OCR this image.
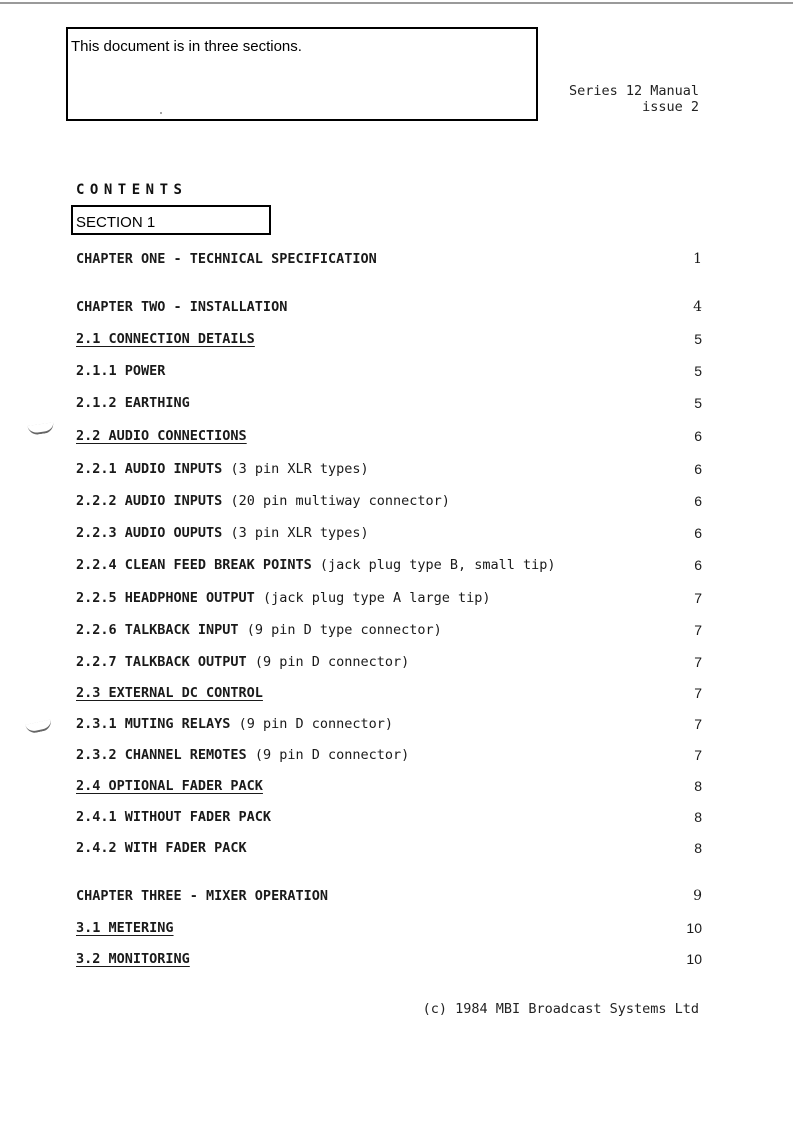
This document is in three sections.
Series 12 Manual
issue 2
CONTENTS
SECTION 1
CHAPTER ONE - TECHNICAL SPECIFICATION	1
CHAPTER TWO - INSTALLATION	4
2.1 CONNECTION DETAILS	5
2.1.1 POWER	5
2.1.2 EARTHING	5
2.2 AUDIO CONNECTIONS	6
2.2.1 AUDIO INPUTS (3 pin XLR types)	6
2.2.2 AUDIO INPUTS (20 pin multiway connector)	6
2.2.3 AUDIO OUPUTS (3 pin XLR types)	6
2.2.4 CLEAN FEED BREAK POINTS (jack plug type B, small tip)	6
2.2.5 HEADPHONE OUTPUT (jack plug type A large tip)	7
2.2.6 TALKBACK INPUT (9 pin D type connector)	7
2.2.7 TALKBACK OUTPUT (9 pin D connector)	7
2.3 EXTERNAL DC CONTROL	7
2.3.1 MUTING RELAYS (9 pin D connector)	7
2.3.2 CHANNEL REMOTES (9 pin D connector)	7
2.4 OPTIONAL FADER PACK	8
2.4.1 WITHOUT FADER PACK	8
2.4.2 WITH FADER PACK	8
CHAPTER THREE - MIXER OPERATION	9
3.1 METERING	10
3.2 MONITORING	10
(c) 1984 MBI Broadcast Systems Ltd
